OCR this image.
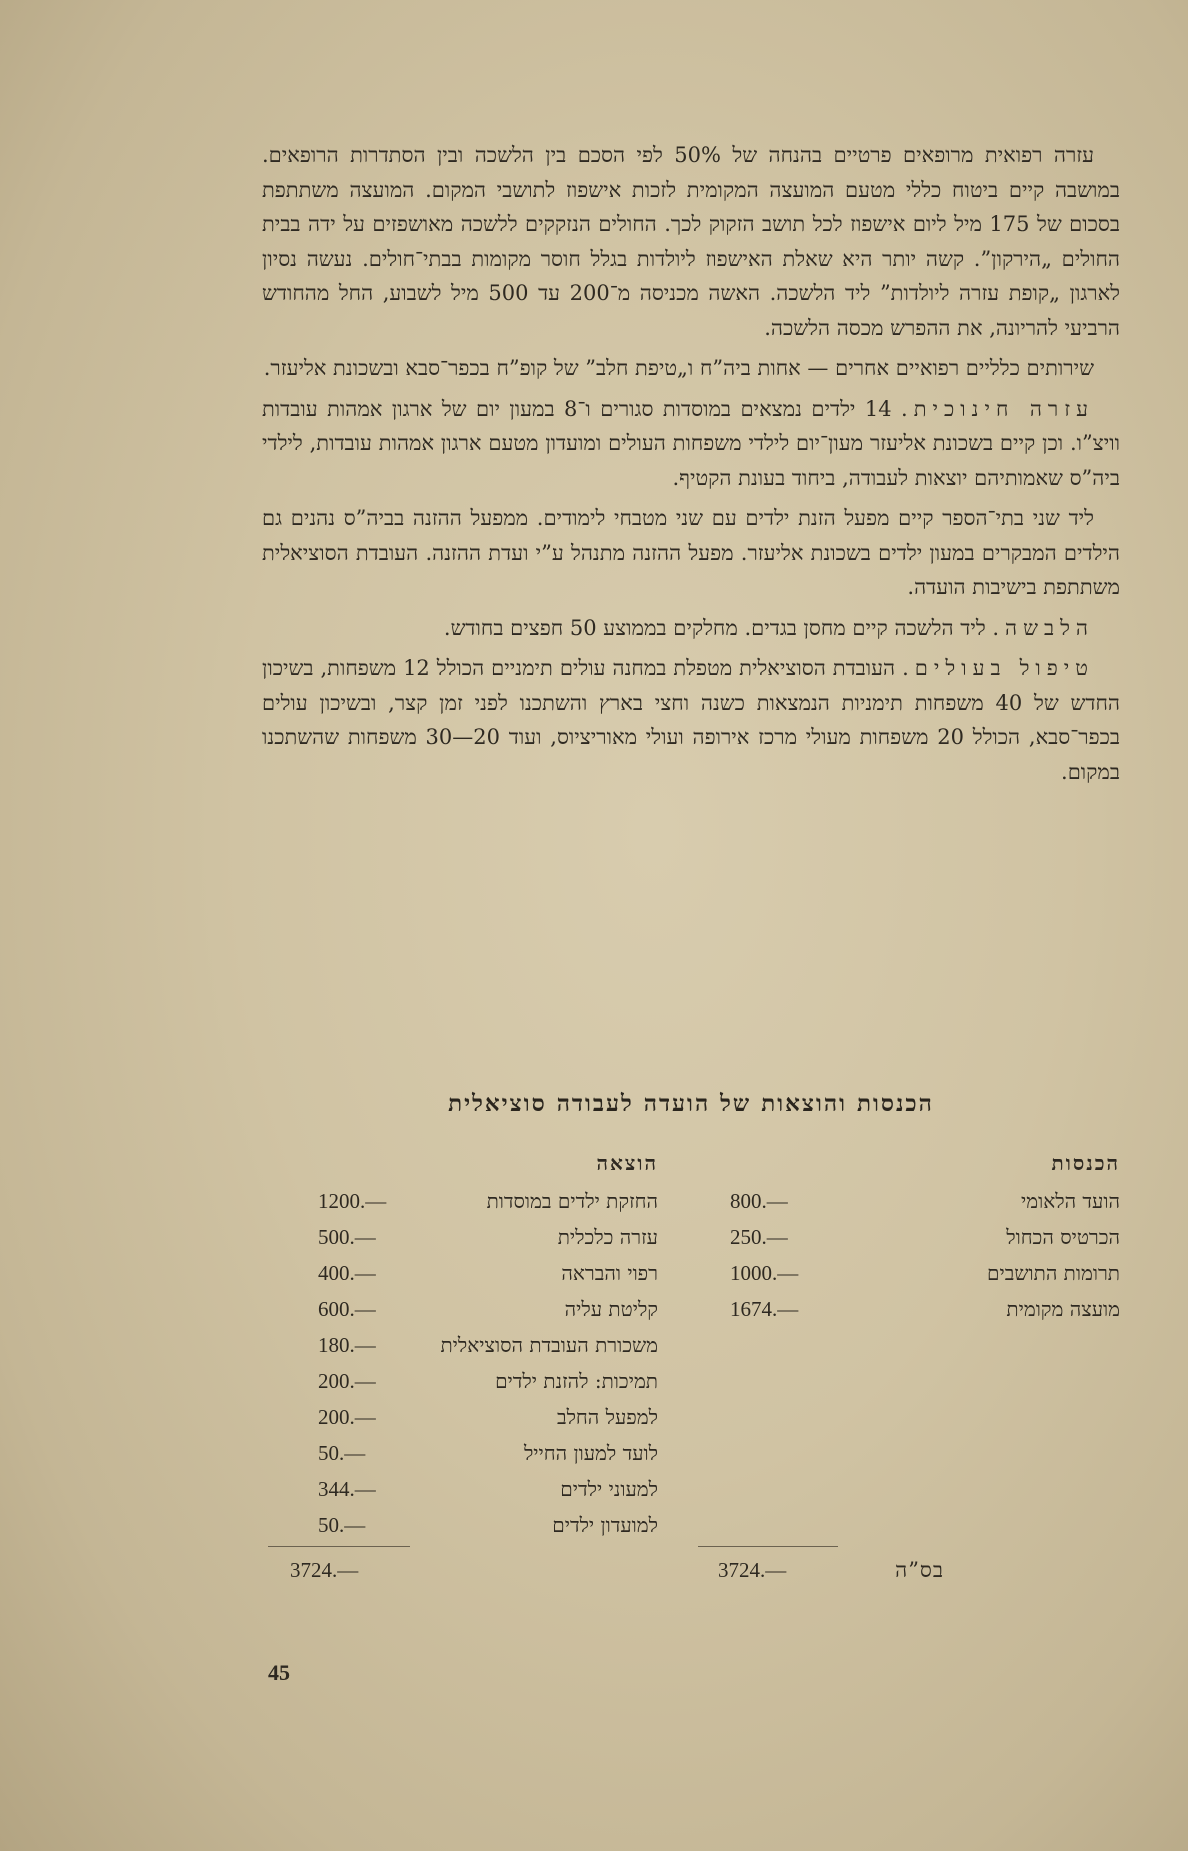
עזרה רפואית מרופאים פרטיים בהנחה של 50% לפי הסכם בין הלשכה ובין הסתדרות הרופאים. במושבה קיים ביטוח כללי מטעם המועצה המקומית לזכות אישפוז לתושבי המקום. המועצה משתתפת בסכום של 175 מיל ליום אישפוז לכל תושב הזקוק לכך. החולים הנזקקים ללשכה מאושפזים על ידה בבית החולים „הירקון”. קשה יותר היא שאלת האישפוז ליולדות בגלל חוסר מקומות בבתי־חולים. נעשה נסיון לארגון „קופת עזרה ליולדות” ליד הלשכה. האשה מכניסה מ־200 עד 500 מיל לשבוע, החל מהחודש הרביעי להריונה, את ההפרש מכסה הלשכה.

שירותים כלליים רפואיים אחרים — אחות ביה”ח ו„טיפת חלב” של קופ”ח בכפר־סבא ובשכונת אליעזר.

עזרה חינוכית. 14 ילדים נמצאים במוסדות סגורים ו־8 במעון יום של ארגון אמהות עובדות וויצ”ו. וכן קיים בשכונת אליעזר מעון־יום לילדי משפחות העולים ומועדון מטעם ארגון אמהות עובדות, לילדי ביה”ס שאמותיהם יוצאות לעבודה, ביחוד בעונת הקטיף.

ליד שני בתי־הספר קיים מפעל הזנת ילדים עם שני מטבחי לימודים. ממפעל ההזנה בביה”ס נהנים גם הילדים המבקרים במעון ילדים בשכונת אליעזר. מפעל ההזנה מתנהל ע”י ועדת ההזנה. העובדת הסוציאלית משתתפת בישיבות הועדה.

הלבשה. ליד הלשכה קיים מחסן בגדים. מחלקים בממוצע 50 חפצים בחודש.

טיפול בעולים. העובדת הסוציאלית מטפלת במחנה עולים תימניים הכולל 12 משפחות, בשיכון החדש של 40 משפחות תימניות הנמצאות כשנה וחצי בארץ והשתכנו לפני זמן קצר, ובשיכון עולים בכפר־סבא, הכולל 20 משפחות מעולי מרכז אירופה ועולי מאוריציוס, ועוד 20—30 משפחות שהשתכנו במקום.

הכנסות והוצאות של הועדה לעבודה סוציאלית
הכנסות
הועד הלאומי
800.—
הכרטיס הכחול
250.—
תרומות התושבים
1000.—
מועצה מקומית
1674.—
הוצאה
החזקת ילדים במוסדות
1200.—
עזרה כלכלית
500.—
רפוי והבראה
400.—
קליטת עליה
600.—
משכורת העובדת הסוציאלית
180.—
תמיכות: להזנת ילדים
200.—
למפעל החלב
200.—
לועד למעון החייל
50.—
למעוני ילדים
344.—
למועדון ילדים
50.—
בס”ה
3724.—
3724.—
45
